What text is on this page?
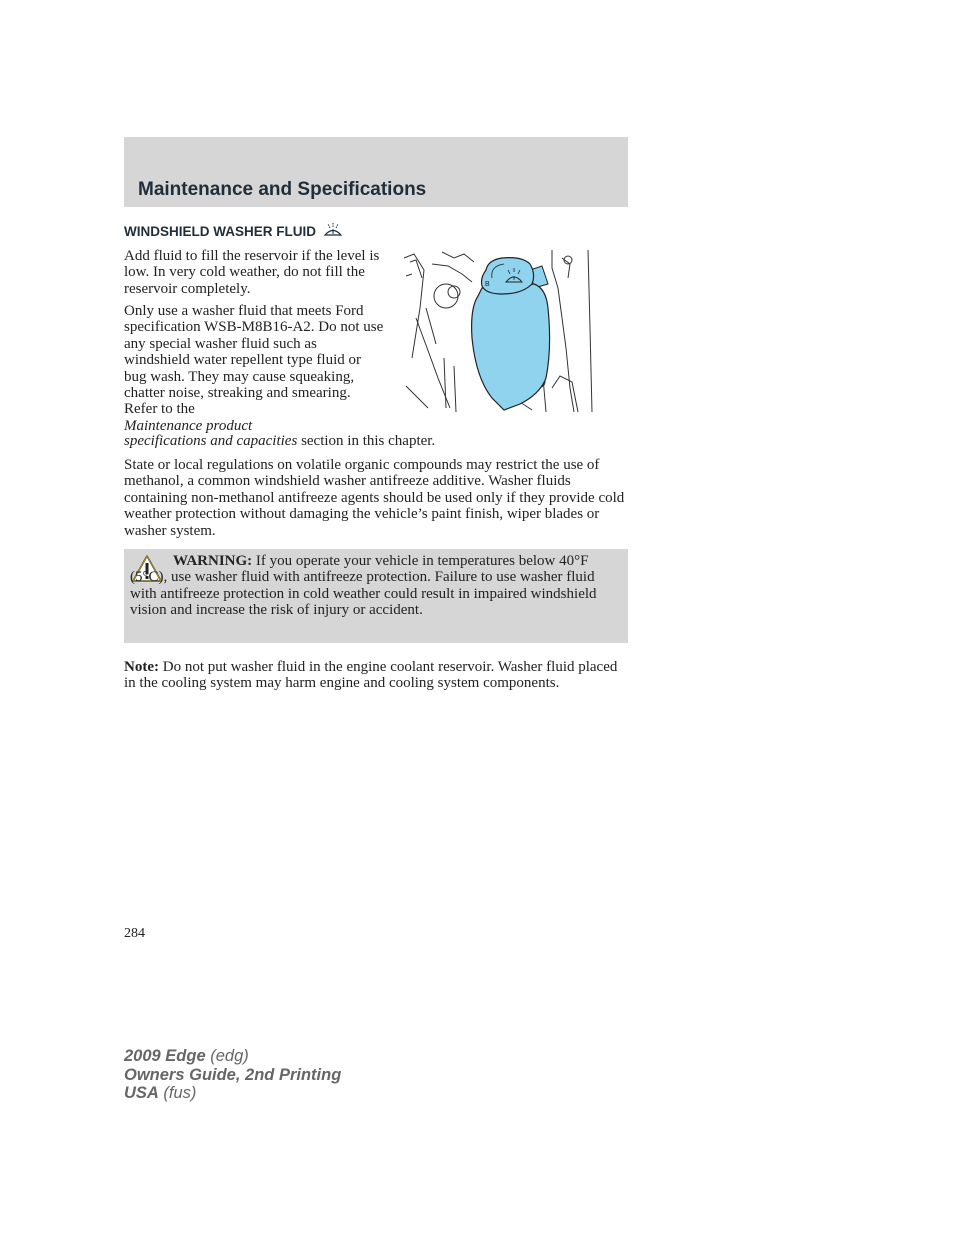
Maintenance and Specifications
WINDSHIELD WASHER FLUID

Add fluid to fill the reservoir if the level is low. In very cold weather, do not fill the reservoir completely.

Only use a washer fluid that meets Ford specification WSB-M8B16-A2. Do not use any special washer fluid such as windshield water repellent type fluid or bug wash. They may cause squeaking, chatter noise, streaking and smearing. Refer to the
Maintenance product

specifications and capacities section in this chapter.

B

State or local regulations on volatile organic compounds may restrict the use of methanol, a common windshield washer antifreeze additive. Washer fluids containing non-methanol antifreeze agents should be used only if they provide cold weather protection without damaging the vehicle’s paint finish, wiper blades or washer system.

WARNING: If you operate your vehicle in temperatures below 40°F (5°C), use washer fluid with antifreeze protection. Failure to use washer fluid with antifreeze protection in cold weather could result in impaired windshield vision and increase the risk of injury or accident.

Note: Do not put washer fluid in the engine coolant reservoir. Washer fluid placed in the cooling system may harm engine and cooling system components.

284
2009 Edge (edg)
Owners Guide, 2nd Printing
USA (fus)
